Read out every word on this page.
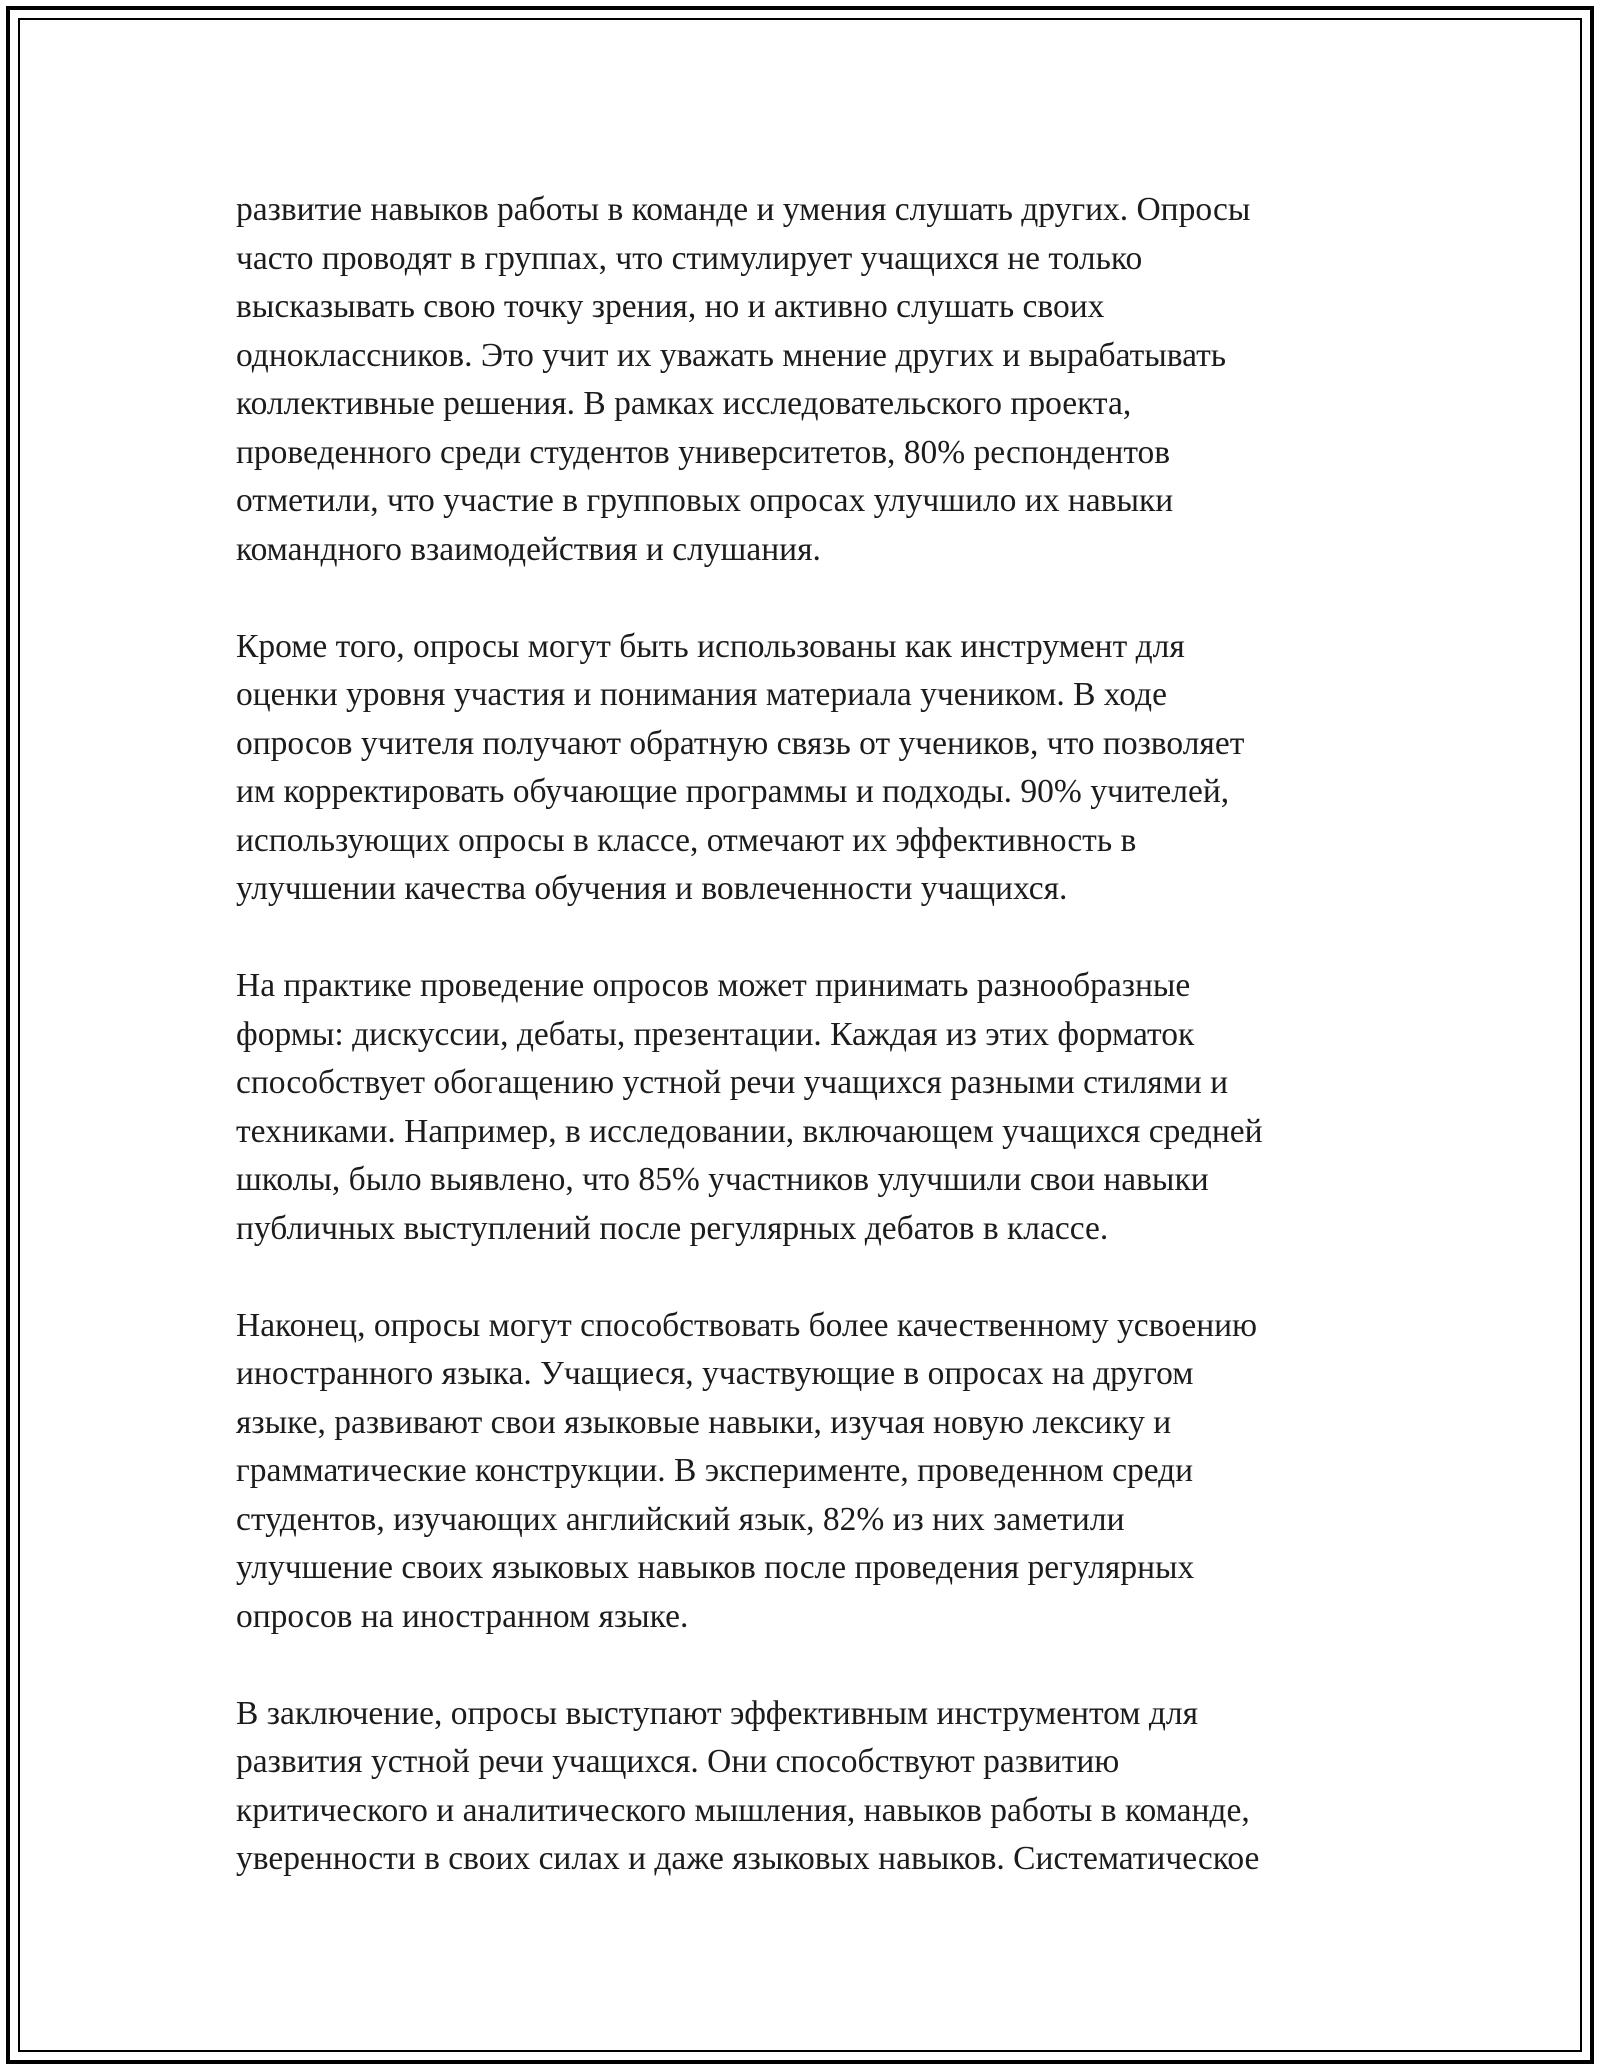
развитие навыков работы в команде и умения слушать других. Опросы
часто проводят в группах, что стимулирует учащихся не только
высказывать свою точку зрения, но и активно слушать своих
одноклассников. Это учит их уважать мнение других и вырабатывать
коллективные решения. В рамках исследовательского проекта,
проведенного среди студентов университетов, 80% респондентов
отметили, что участие в групповых опросах улучшило их навыки
командного взаимодействия и слушания.

Кроме того, опросы могут быть использованы как инструмент для
оценки уровня участия и понимания материала учеником. В ходе
опросов учителя получают обратную связь от учеников, что позволяет
им корректировать обучающие программы и подходы. 90% учителей,
использующих опросы в классе, отмечают их эффективность в
улучшении качества обучения и вовлеченности учащихся.

На практике проведение опросов может принимать разнообразные
формы: дискуссии, дебаты, презентации. Каждая из этих форматок
способствует обогащению устной речи учащихся разными стилями и
техниками. Например, в исследовании, включающем учащихся средней
школы, было выявлено, что 85% участников улучшили свои навыки
публичных выступлений после регулярных дебатов в классе.

Наконец, опросы могут способствовать более качественному усвоению
иностранного языка. Учащиеся, участвующие в опросах на другом
языке, развивают свои языковые навыки, изучая новую лексику и
грамматические конструкции. В эксперименте, проведенном среди
студентов, изучающих английский язык, 82% из них заметили
улучшение своих языковых навыков после проведения регулярных
опросов на иностранном языке.

В заключение, опросы выступают эффективным инструментом для
развития устной речи учащихся. Они способствуют развитию
критического и аналитического мышления, навыков работы в команде,
уверенности в своих силах и даже языковых навыков. Систематическое
